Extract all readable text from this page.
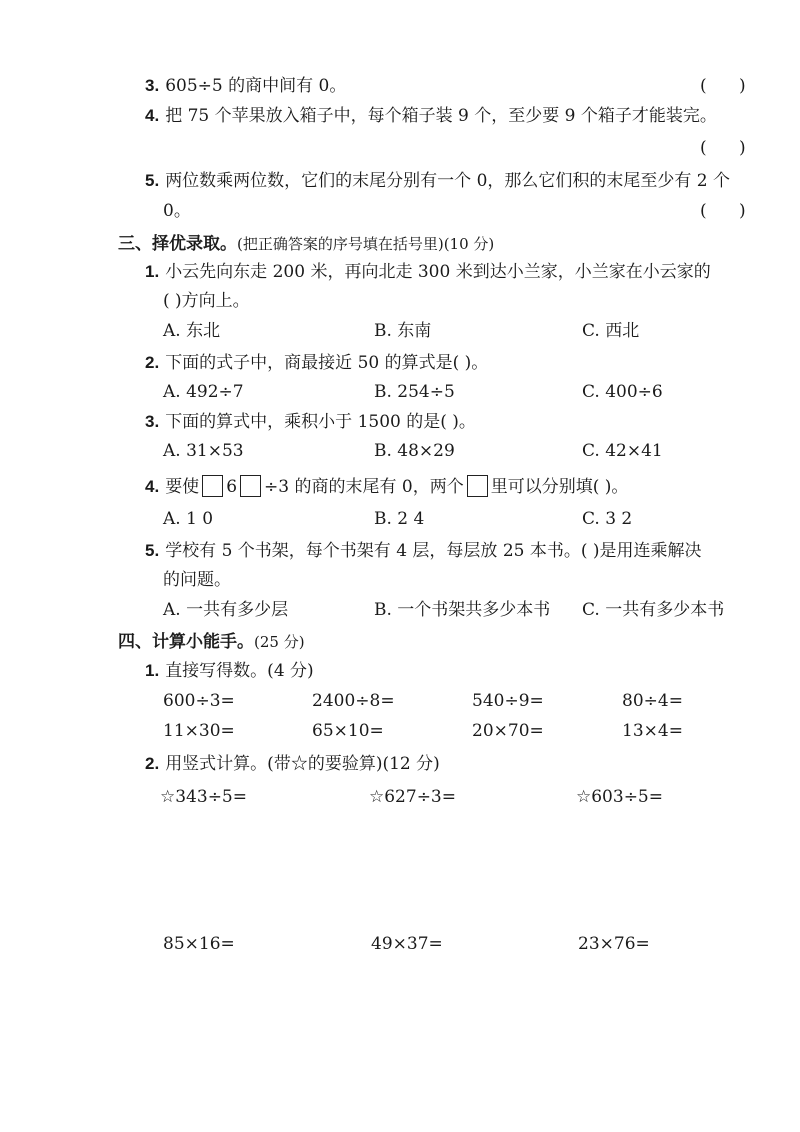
3. 605÷5 的商中间有 0。	(      )
4. 把 75 个苹果放入箱子中，每个箱子装 9 个，至少要 9 个箱子才能装完。
(      )
5. 两位数乘两位数，它们的末尾分别有一个 0，那么它们积的末尾至少有 2 个
0。	(      )
三、择优录取。(把正确答案的序号填在括号里)(10 分)
1. 小云先向东走 200 米，再向北走 300 米到达小兰家，小兰家在小云家的
( )方向上。
A. 东北	B. 东南	C. 西北
2. 下面的式子中，商最接近 50 的算式是( )。
A. 492÷7	B. 254÷5	C. 400÷6
3. 下面的算式中，乘积小于 1500 的是( )。
A. 31×53	B. 48×29	C. 42×41
4. 要使 6 ÷3 的商的末尾有 0，两个 里可以分别填( )。
A. 1 0	B. 2 4	C. 3 2
5. 学校有 5 个书架，每个书架有 4 层，每层放 25 本书。( )是用连乘解决
的问题。
A. 一共有多少层	B. 一个书架共多少本书 C. 一共有多少本书
四、计算小能手。(25 分)
1. 直接写得数。(4 分)
600÷3=	2400÷8=	540÷9=	80÷4=
11×30=	65×10=	20×70=	13×4=
2. 用竖式计算。(带☆的要验算)(12 分)
☆343÷5=	☆627÷3=	☆603÷5=
85×16=	49×37=	23×76=
